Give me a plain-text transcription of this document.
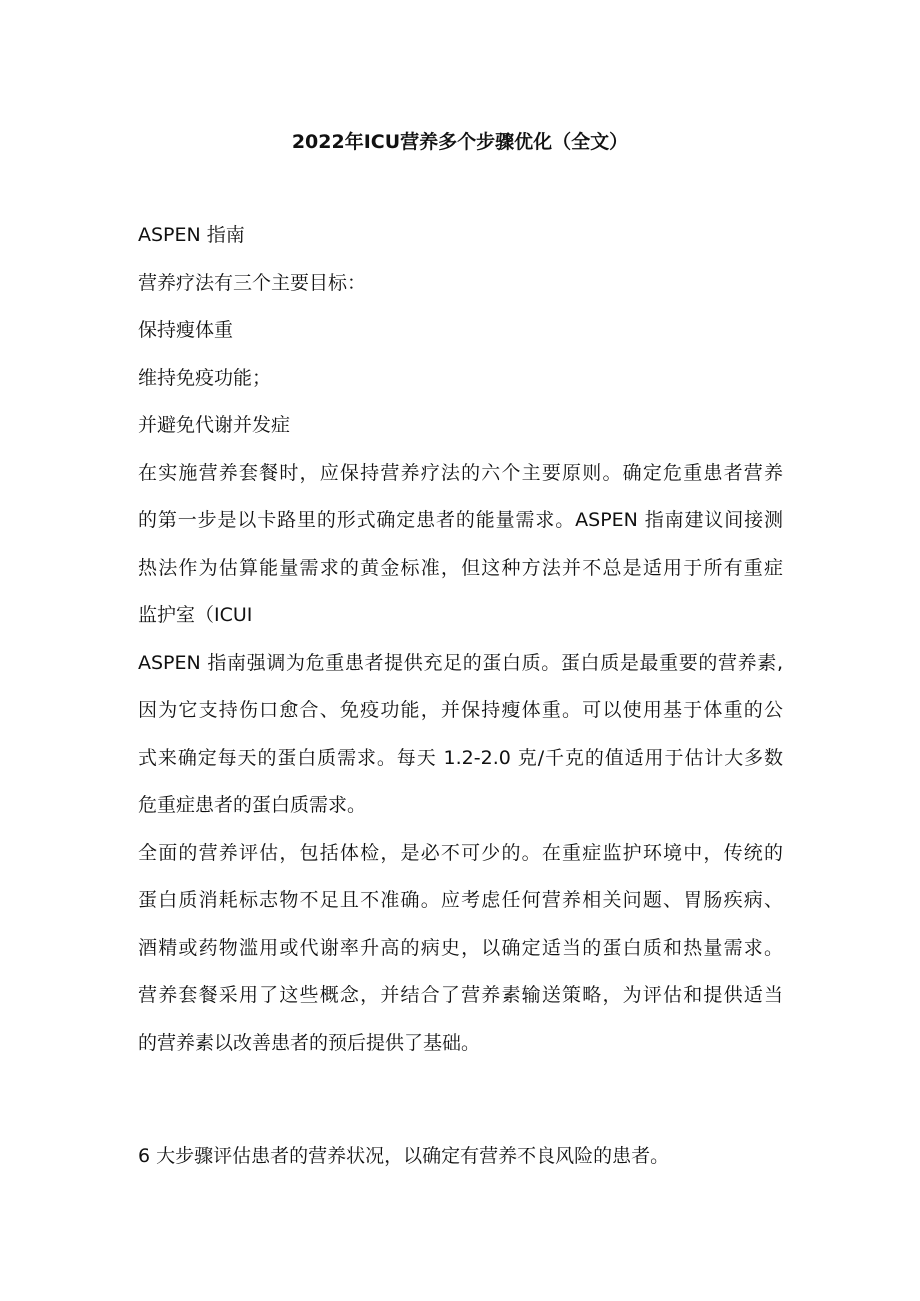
2022年ICU营养多个步骤优化（全文）
ASPEN 指南
营养疗法有三个主要目标：
保持瘦体重
维持免疫功能；
并避免代谢并发症
在实施营养套餐时，应保持营养疗法的六个主要原则。确定危重患者营养
的第一步是以卡路里的形式确定患者的能量需求。ASPEN 指南建议间接测
热法作为估算能量需求的黄金标准，但这种方法并不总是适用于所有重症
监护室（ICUI
ASPEN 指南强调为危重患者提供充足的蛋白质。蛋白质是最重要的营养素,
因为它支持伤口愈合、免疫功能，并保持瘦体重。可以使用基于体重的公
式来确定每天的蛋白质需求。每天 1.2-2.0 克/千克的值适用于估计大多数
危重症患者的蛋白质需求。
全面的营养评估，包括体检，是必不可少的。在重症监护环境中，传统的
蛋白质消耗标志物不足且不准确。应考虑任何营养相关问题、胃肠疾病、
酒精或药物滥用或代谢率升高的病史，以确定适当的蛋白质和热量需求。
营养套餐采用了这些概念，并结合了营养素输送策略，为评估和提供适当
的营养素以改善患者的预后提供了基础。
6 大步骤评估患者的营养状况，以确定有营养不良风险的患者。
